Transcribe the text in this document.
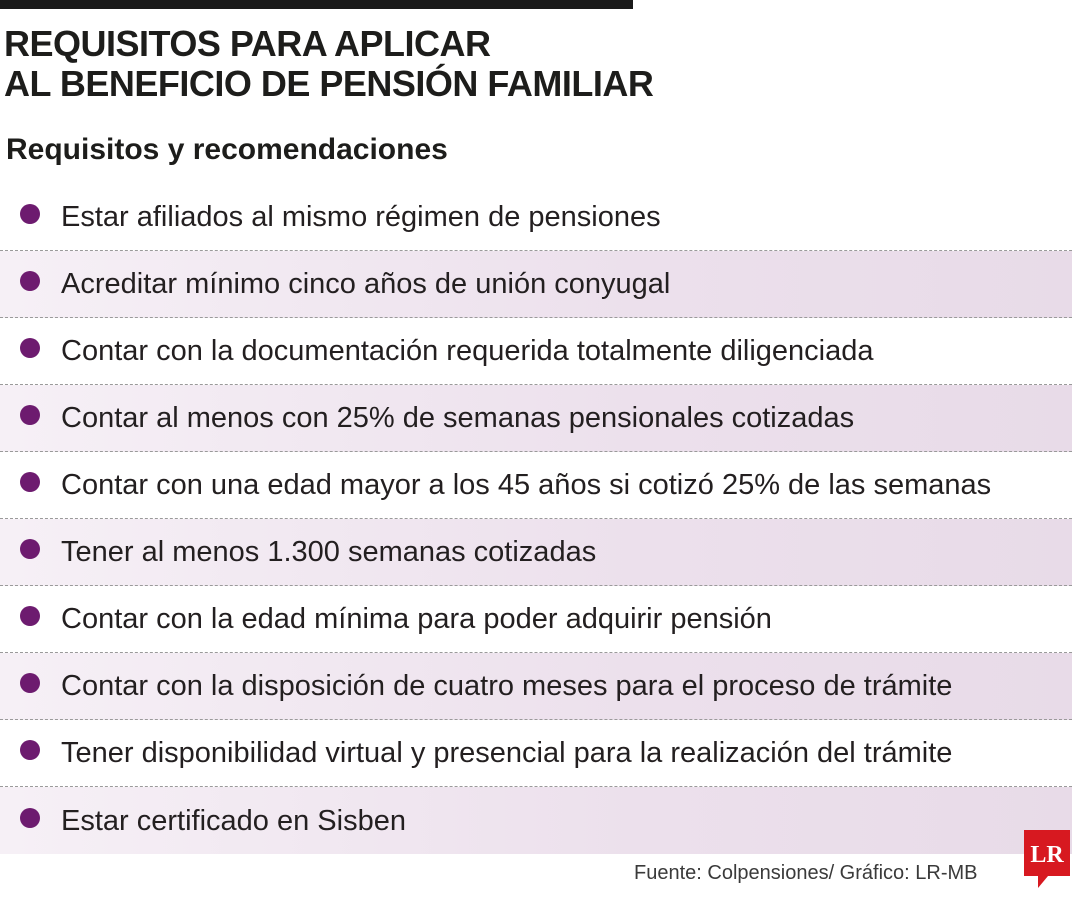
REQUISITOS PARA APLICAR
AL BENEFICIO DE PENSIÓN FAMILIAR
Requisitos y recomendaciones
Estar afiliados al mismo régimen de pensiones
Acreditar mínimo cinco años de unión conyugal
Contar con la documentación requerida totalmente diligenciada
Contar al menos con 25% de semanas pensionales cotizadas
Contar con una edad mayor a los 45 años si cotizó 25% de las semanas
Tener al menos 1.300 semanas cotizadas
Contar con la edad mínima para poder adquirir pensión
Contar con la disposición de cuatro meses para el proceso de trámite
Tener disponibilidad virtual y presencial para la realización del trámite
Estar certificado en Sisben
Fuente: Colpensiones/ Gráfico: LR-MB
LR
